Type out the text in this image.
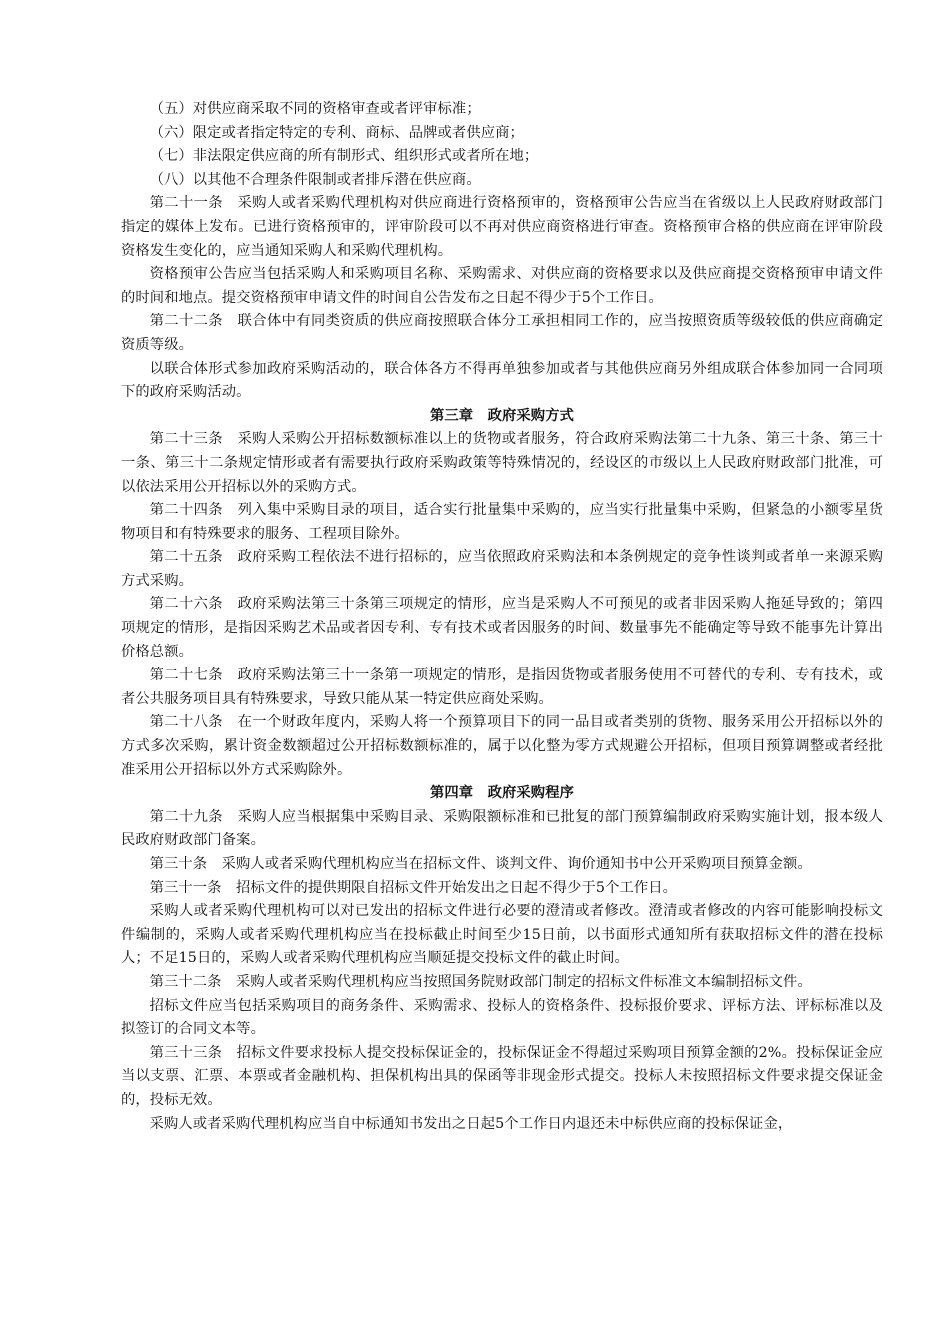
（五）对供应商采取不同的资格审查或者评审标准；

（六）限定或者指定特定的专利、商标、品牌或者供应商；

（七）非法限定供应商的所有制形式、组织形式或者所在地；

（八）以其他不合理条件限制或者排斥潜在供应商。

第二十一条　采购人或者采购代理机构对供应商进行资格预审的，资格预审公告应当在省级以上人民政府财政部门指定的媒体上发布。已进行资格预审的，评审阶段可以不再对供应商资格进行审查。资格预审合格的供应商在评审阶段资格发生变化的，应当通知采购人和采购代理机构。

资格预审公告应当包括采购人和采购项目名称、采购需求、对供应商的资格要求以及供应商提交资格预审申请文件的时间和地点。提交资格预审申请文件的时间自公告发布之日起不得少于5个工作日。

第二十二条　联合体中有同类资质的供应商按照联合体分工承担相同工作的，应当按照资质等级较低的供应商确定资质等级。

以联合体形式参加政府采购活动的，联合体各方不得再单独参加或者与其他供应商另外组成联合体参加同一合同项下的政府采购活动。

第三章　政府采购方式

第二十三条　采购人采购公开招标数额标准以上的货物或者服务，符合政府采购法第二十九条、第三十条、第三十一条、第三十二条规定情形或者有需要执行政府采购政策等特殊情况的，经设区的市级以上人民政府财政部门批准，可以依法采用公开招标以外的采购方式。

第二十四条　列入集中采购目录的项目，适合实行批量集中采购的，应当实行批量集中采购，但紧急的小额零星货物项目和有特殊要求的服务、工程项目除外。

第二十五条　政府采购工程依法不进行招标的，应当依照政府采购法和本条例规定的竞争性谈判或者单一来源采购方式采购。

第二十六条　政府采购法第三十条第三项规定的情形，应当是采购人不可预见的或者非因采购人拖延导致的；第四项规定的情形，是指因采购艺术品或者因专利、专有技术或者因服务的时间、数量事先不能确定等导致不能事先计算出价格总额。

第二十七条　政府采购法第三十一条第一项规定的情形，是指因货物或者服务使用不可替代的专利、专有技术，或者公共服务项目具有特殊要求，导致只能从某一特定供应商处采购。

第二十八条　在一个财政年度内，采购人将一个预算项目下的同一品目或者类别的货物、服务采用公开招标以外的方式多次采购，累计资金数额超过公开招标数额标准的，属于以化整为零方式规避公开招标，但项目预算调整或者经批准采用公开招标以外方式采购除外。

第四章　政府采购程序

第二十九条　采购人应当根据集中采购目录、采购限额标准和已批复的部门预算编制政府采购实施计划，报本级人民政府财政部门备案。

第三十条　采购人或者采购代理机构应当在招标文件、谈判文件、询价通知书中公开采购项目预算金额。

第三十一条　招标文件的提供期限自招标文件开始发出之日起不得少于5个工作日。

采购人或者采购代理机构可以对已发出的招标文件进行必要的澄清或者修改。澄清或者修改的内容可能影响投标文件编制的，采购人或者采购代理机构应当在投标截止时间至少15日前，以书面形式通知所有获取招标文件的潜在投标人；不足15日的，采购人或者采购代理机构应当顺延提交投标文件的截止时间。

第三十二条　采购人或者采购代理机构应当按照国务院财政部门制定的招标文件标准文本编制招标文件。

招标文件应当包括采购项目的商务条件、采购需求、投标人的资格条件、投标报价要求、评标方法、评标标准以及拟签订的合同文本等。

第三十三条　招标文件要求投标人提交投标保证金的，投标保证金不得超过采购项目预算金额的2%。投标保证金应当以支票、汇票、本票或者金融机构、担保机构出具的保函等非现金形式提交。投标人未按照招标文件要求提交保证金的，投标无效。

采购人或者采购代理机构应当自中标通知书发出之日起5个工作日内退还未中标供应商的投标保证金，
